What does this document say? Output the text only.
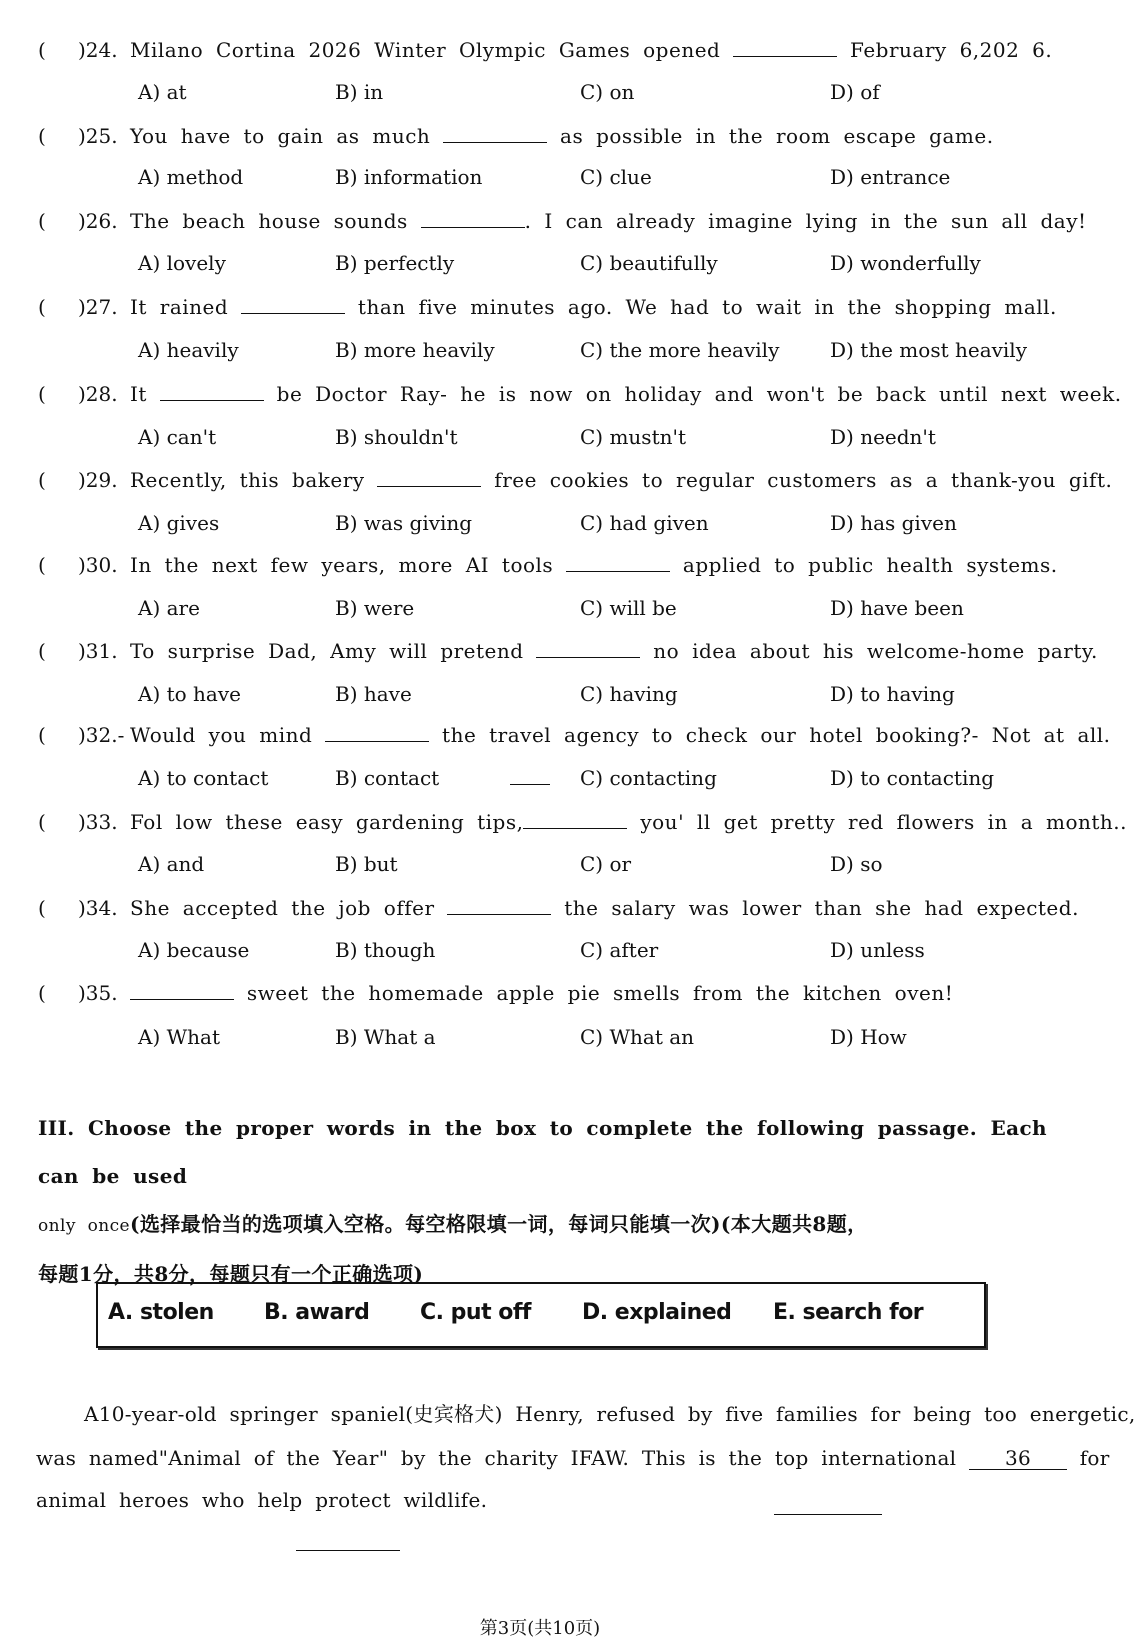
( )24. Milano Cortina 2026 Winter Olympic Games opened	February 6,202 6.
A) at	B) in	C) on	D) of
( )25. You have to gain as much	as possible in the room escape game.
A) method	B) information	C) clue	D) entrance
( )26. The beach house sounds	. I can already imagine lying in the sun all day!
A) lovely	B) perfectly	C) beautifully	D) wonderfully
( )27. It rained	than five minutes ago. We had to wait in the shopping mall.
A) heavily	B) more heavily	C) the more heavily	D) the most heavily
( )28. It	be Doctor Ray- he is now on holiday and won't be back until next week.
A) can't	B) shouldn't	C) mustn't	D) needn't
( )29. Recently, this bakery	free cookies to regular customers as a thank-you gift.
A) gives	B) was giving	C) had given	D) has given
( )30. In the next few years, more AI tools	applied to public health systems.
A) are	B) were	C) will be	D) have been
( )31. To surprise Dad, Amy will pretend	no idea about his welcome-home party.
A) to have	B) have	C) having	D) to having
( )32.- Would you mind	the travel agency to check our hotel booking?- Not at all.
A) to contact	B) contact	C) contacting	D) to contacting
( )33. Fol low these easy gardening tips,	you' ll get pretty red flowers in a month..
A) and	B) but	C) or	D) so
( )34. She accepted the job offer	the salary was lower than she had expected.
A) because	B) though	C) after	D) unless
( )35.	sweet the homemade apple pie smells from the kitchen oven!
A) What	B) What a	C) What an	D) How
III. Choose the proper words in the box to complete the following passage. Each can be used
only once(选择最恰当的选项填入空格。每空格限填一词，每词只能填一次)(本大题共8题，
每题1分，共8分，每题只有一个正确选项)
A. stolen B. award C. put off D. explained E. search for
A10-year-old springer spaniel(史宾格犬) Henry, refused by five families for being too energetic,
was named"Animal of the Year" by the charity IFAW. This is the top international 36 for
animal heroes who help protect wildlife.
第3页(共10页)
